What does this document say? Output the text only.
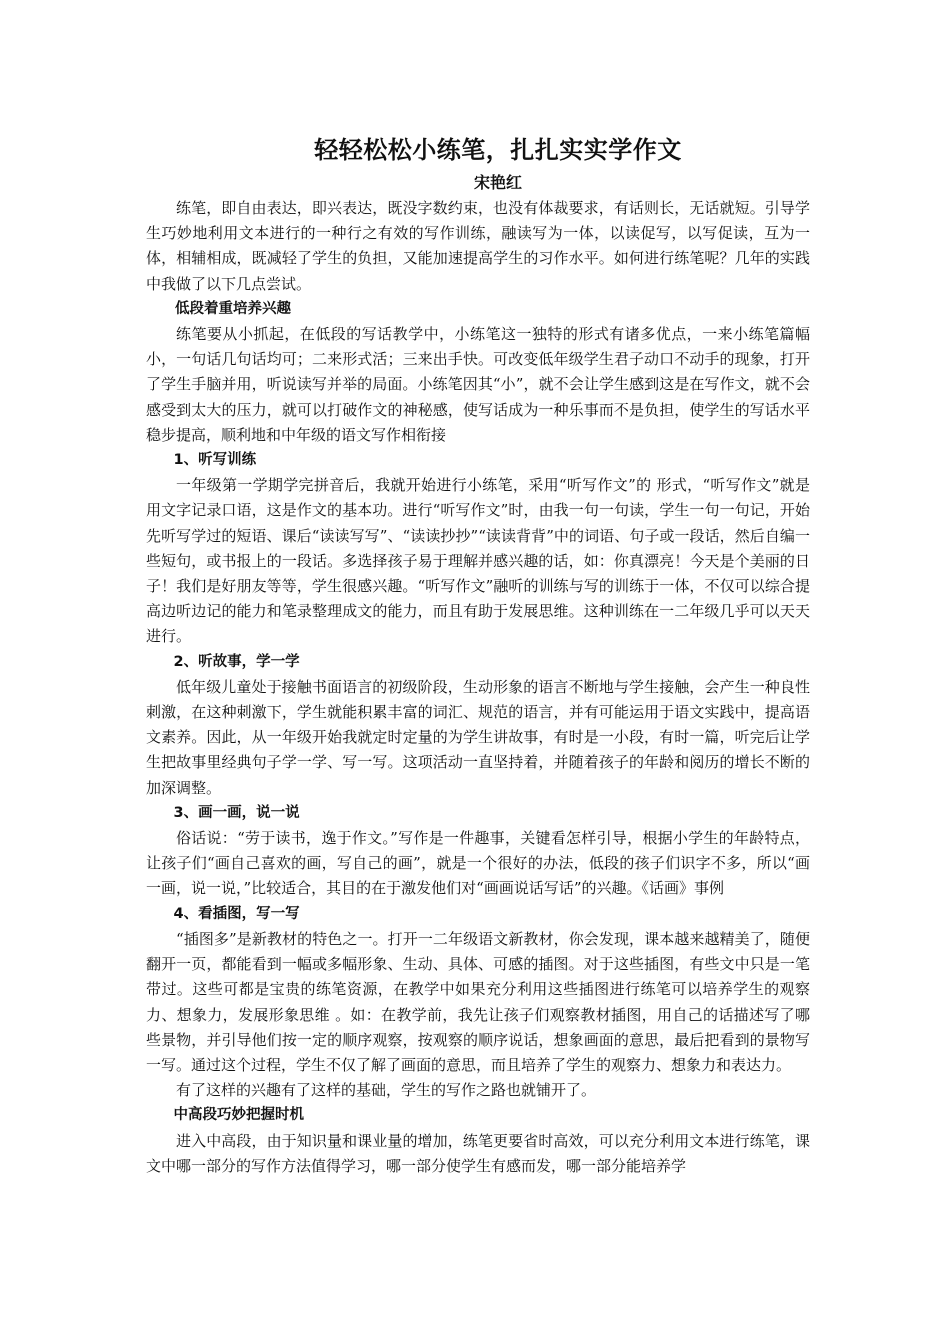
轻轻松松小练笔，扎扎实实学作文

宋艳红

练笔，即自由表达，即兴表达，既没字数约束，也没有体裁要求，有话则长，无话就短。引导学生巧妙地利用文本进行的一种行之有效的写作训练，融读写为一体，以读促写，以写促读，互为一体，相辅相成，既减轻了学生的负担，又能加速提高学生的习作水平。如何进行练笔呢？几年的实践中我做了以下几点尝试。

低段着重培养兴趣

练笔要从小抓起，在低段的写话教学中，小练笔这一独特的形式有诸多优点，一来小练笔篇幅小，一句话几句话均可；二来形式活；三来出手快。可改变低年级学生君子动口不动手的现象，打开了学生手脑并用，听说读写并举的局面。小练笔因其“小”，就不会让学生感到这是在写作文，就不会感受到太大的压力，就可以打破作文的神秘感，使写话成为一种乐事而不是负担，使学生的写话水平稳步提高，顺利地和中年级的语文写作相衔接

1、听写训练

一年级第一学期学完拼音后，我就开始进行小练笔，采用“听写作文”的 形式，“听写作文”就是用文字记录口语，这是作文的基本功。进行“听写作文”时，由我一句一句读，学生一句一句记，开始先听写学过的短语、课后“读读写写”、“读读抄抄”“读读背背”中的词语、句子或一段话，然后自编一些短句，或书报上的一段话。多选择孩子易于理解并感兴趣的话，如：你真漂亮！今天是个美丽的日子！我们是好朋友等等，学生很感兴趣。“听写作文”融听的训练与写的训练于一体，不仅可以综合提高边听边记的能力和笔录整理成文的能力，而且有助于发展思维。这种训练在一二年级几乎可以天天进行。

2、听故事，学一学

低年级儿童处于接触书面语言的初级阶段，生动形象的语言不断地与学生接触，会产生一种良性刺激，在这种刺激下，学生就能积累丰富的词汇、规范的语言，并有可能运用于语文实践中，提高语文素养。因此，从一年级开始我就定时定量的为学生讲故事，有时是一小段，有时一篇，听完后让学生把故事里经典句子学一学、写一写。这项活动一直坚持着，并随着孩子的年龄和阅历的增长不断的加深调整。

3、画一画，说一说

俗话说：“劳于读书，逸于作文。”写作是一件趣事，关键看怎样引导，根据小学生的年龄特点，让孩子们“画自己喜欢的画，写自己的画”，就是一个很好的办法，低段的孩子们识字不多，所以“画一画，说一说，”比较适合，其目的在于激发他们对“画画说话写话”的兴趣。《话画》事例

4、看插图，写一写

“插图多”是新教材的特色之一。打开一二年级语文新教材，你会发现，课本越来越精美了，随便翻开一页，都能看到一幅或多幅形象、生动、具体、可感的插图。对于这些插图，有些文中只是一笔带过。这些可都是宝贵的练笔资源，在教学中如果充分利用这些插图进行练笔可以培养学生的观察力、想象力，发展形象思维 。如：在教学前，我先让孩子们观察教材插图，用自己的话描述写了哪些景物，并引导他们按一定的顺序观察，按观察的顺序说话，想象画面的意思，最后把看到的景物写一写。通过这个过程，学生不仅了解了画面的意思，而且培养了学生的观察力、想象力和表达力。

有了这样的兴趣有了这样的基础，学生的写作之路也就铺开了。

中高段巧妙把握时机

进入中高段，由于知识量和课业量的增加，练笔更要省时高效，可以充分利用文本进行练笔，课文中哪一部分的写作方法值得学习，哪一部分使学生有感而发，哪一部分能培养学
